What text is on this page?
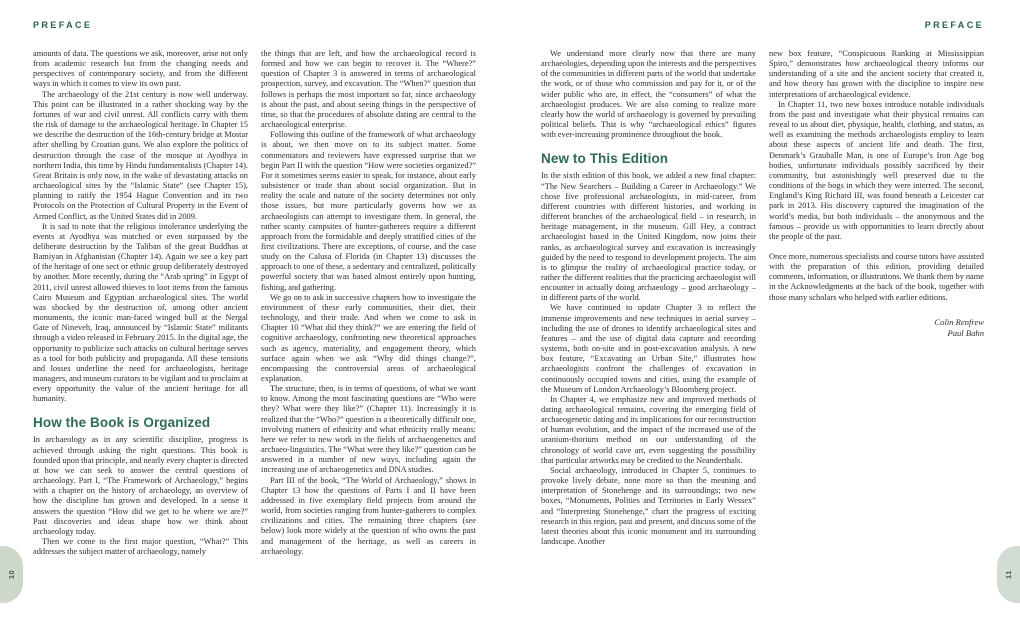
PREFACE

amounts of data. The questions we ask, moreover, arise not only from academic research but from the changing needs and perspectives of contemporary society, and from the different ways in which it comes to view its own past.

The archaeology of the 21st century is now well underway. This point can be illustrated in a rather shocking way by the fortunes of war and civil unrest. All conflicts carry with them the risk of damage to the archaeological heritage. In Chapter 15 we describe the destruction of the 16th-century bridge at Mostar after shelling by Croatian guns. We also explore the politics of destruction through the case of the mosque at Ayodhya in northern India, this time by Hindu fundamentalists (Chapter 14). Great Britain is only now, in the wake of devastating attacks on archaeological sites by the “Islamic State” (see Chapter 15), planning to ratify the 1954 Hague Convention and its two Protocols on the Protection of Cultural Property in the Event of Armed Conflict, as the United States did in 2009.

It is sad to note that the religious intolerance underlying the events at Ayodhya was matched or even surpassed by the deliberate destruction by the Taliban of the great Buddhas at Bamiyan in Afghanistan (Chapter 14). Again we see a key part of the heritage of one sect or ethnic group deliberately destroyed by another. More recently, during the “Arab spring” in Egypt of 2011, civil unrest allowed thieves to loot items from the famous Cairo Museum and Egyptian archaeological sites. The world was shocked by the destruction of, among other ancient monuments, the iconic man-faced winged bull at the Nergal Gate of Nineveh, Iraq, announced by “Islamic State” militants through a video released in February 2015. In the digital age, the opportunity to publicize such attacks on cultural heritage serves as a tool for both publicity and propaganda. All these tensions and losses underline the need for archaeologists, heritage managers, and museum curators to be vigilant and to proclaim at every opportunity the value of the ancient heritage for all humanity.

How the Book is Organized

In archaeology as in any scientific discipline, progress is achieved through asking the right questions. This book is founded upon that principle, and nearly every chapter is directed at how we can seek to answer the central questions of archaeology. Part I, “The Framework of Archaeology,” begins with a chapter on the history of archaeology, an overview of how the discipline has grown and developed. In a sense it answers the question “How did we get to be where we are?” Past discoveries and ideas shape how we think about archaeology today.

Then we come to the first major question, “What?” This addresses the subject matter of archaeology, namely

the things that are left, and how the archaeological record is formed and how we can begin to recover it. The “Where?” question of Chapter 3 is answered in terms of archaeological prospection, survey, and excavation. The “When?” question that follows is perhaps the most important so far, since archaeology is about the past, and about seeing things in the perspective of time, so that the procedures of absolute dating are central to the archaeological enterprise.

Following this outline of the framework of what archaeology is about, we then move on to its subject matter. Some commentators and reviewers have expressed surprise that we begin Part II with the question “How were societies organized?” For it sometimes seems easier to speak, for instance, about early subsistence or trade than about social organization. But in reality the scale and nature of the society determines not only those issues, but more particularly governs how we as archaeologists can attempt to investigate them. In general, the rather scanty campsites of hunter-gatherers require a different approach from the formidable and deeply stratified cities of the first civilizations. There are exceptions, of course, and the case study on the Calusa of Florida (in Chapter 13) discusses the approach to one of these, a sedentary and centralized, politically powerful society that was based almost entirely upon hunting, fishing, and gathering.

We go on to ask in successive chapters how to investigate the environment of these early communities, their diet, their technology, and their trade. And when we come to ask in Chapter 10 “What did they think?” we are entering the field of cognitive archaeology, confronting new theoretical approaches such as agency, materiality, and engagement theory, which surface again when we ask “Why did things change?”, encompassing the controversial areas of archaeological explanation.

The structure, then, is in terms of questions, of what we want to know. Among the most fascinating questions are “Who were they? What were they like?” (Chapter 11). Increasingly it is realized that the “Who?” question is a theoretically difficult one, involving matters of ethnicity and what ethnicity really means: here we refer to new work in the fields of archaeogenetics and archaeo-linguistics. The “What were they like?” question can be answered in a number of new ways, including again the increasing use of archaeogenetics and DNA studies.

Part III of the book, “The World of Archaeology,” shows in Chapter 13 how the questions of Parts I and II have been addressed in five exemplary field projects from around the world, from societies ranging from hunter-gatherers to complex civilizations and cities. The remaining three chapters (see below) look more widely at the question of who owns the past and management of the heritage, as well as careers in archaeology.

PREFACE

We understand more clearly now that there are many archaeologies, depending upon the interests and the perspectives of the communities in different parts of the world that undertake the work, or of those who commission and pay for it, or of the wider public who are, in effect, the “consumers” of what the archaeologist produces. We are also coming to realize more clearly how the world of archaeology is governed by prevailing political beliefs. That is why “archaeological ethics” figures with ever-increasing prominence throughout the book.

New to This Edition

In the sixth edition of this book, we added a new final chapter: “The New Searchers – Building a Career in Archaeology.” We chose five professional archaeologists, in mid-career, from different countries with different histories, and working in different branches of the archaeological field – in research, in heritage management, in the museum. Gill Hey, a contract archaeologist based in the United Kingdom, now joins their ranks, as archaeological survey and excavation is increasingly guided by the need to respond to development projects. The aim is to glimpse the reality of archaeological practice today, or rather the different realities that the practicing archaeologist will encounter in actually doing archaeology – good archaeology – in different parts of the world.

We have continued to update Chapter 3 to reflect the immense improvements and new techniques in aerial survey – including the use of drones to identify archaeological sites and features – and the use of digital data capture and recording systems, both on-site and in post-excavation analysis. A new box feature, “Excavating an Urban Site,” illustrates how archaeologists confront the challenges of excavation in continuously occupied towns and cities, using the example of the Museum of London Archaeology’s Bloomberg project.

In Chapter 4, we emphasize new and improved methods of dating archaeological remains, covering the emerging field of archaeogenetic dating and its implications for our reconstruction of human evolution, and the impact of the increased use of the uranium-thorium method on our understanding of the chronology of world cave art, even suggesting the possibility that particular artworks may be credited to the Neanderthals.

Social archaeology, introduced in Chapter 5, continues to provoke lively debate, none more so than the meaning and interpretation of Stonehenge and its surroundings; two new boxes, “Monuments, Polities and Territories in Early Wessex” and “Interpreting Stonehenge,” chart the progress of exciting research in this region, past and present, and discuss some of the latest theories about this iconic monument and its surrounding landscape. Another

new box feature, “Conspicuous Ranking at Mississippian Spiro,” demonstrates how archaeological theory informs our understanding of a site and the ancient society that created it, and how theory has grown with the discipline to inspire new interpretations of archaeological evidence.

In Chapter 11, two new boxes introduce notable individuals from the past and investigate what their physical remains can reveal to us about diet, physique, health, clothing, and status, as well as examining the methods archaeologists employ to learn about these aspects of ancient life and death. The first, Denmark’s Grauballe Man, is one of Europe’s Iron Age bog bodies, unfortunate individuals possibly sacrificed by their community, but astonishingly well preserved due to the conditions of the bogs in which they were interred. The second, England’s King Richard III, was found beneath a Leicester car park in 2013. His discovery captured the imagination of the world’s media, but both individuals – the anonymous and the famous – provide us with opportunities to learn directly about the people of the past.

Once more, numerous specialists and course tutors have assisted with the preparation of this edition, providing detailed comments, information, or illustrations. We thank them by name in the Acknowledgments at the back of the book, together with those many scholars who helped with earlier editions.

Colin Renfrew
Paul Bahn
10	11
